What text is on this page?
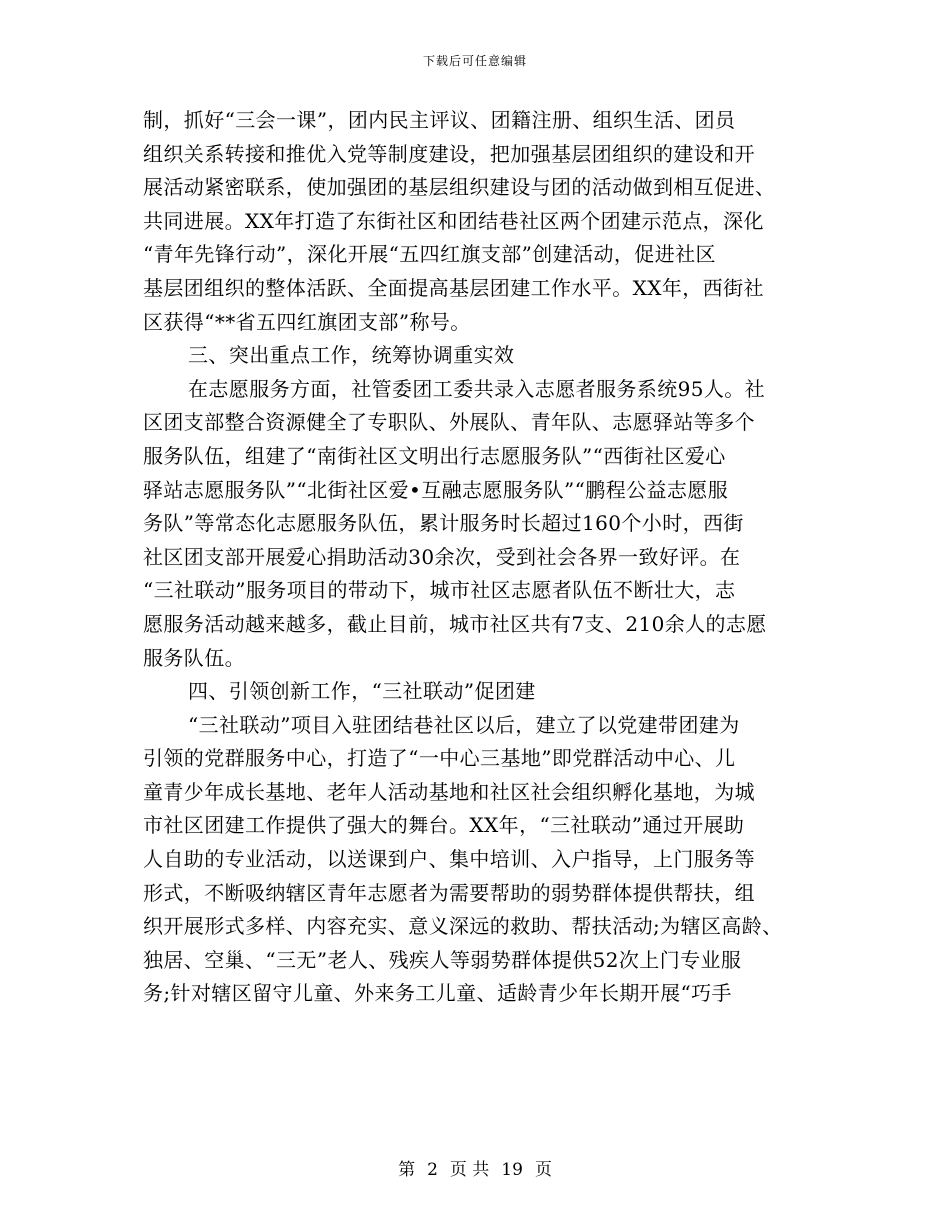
下载后可任意编辑
制，抓好“三会一课”，团内民主评议、团籍注册、组织生活、团员
组织关系转接和推优入党等制度建设，把加强基层团组织的建设和开
展活动紧密联系，使加强团的基层组织建设与团的活动做到相互促进、
共同进展。XX年打造了东街社区和团结巷社区两个团建示范点，深化
“青年先锋行动”，深化开展“五四红旗支部”创建活动，促进社区
基层团组织的整体活跃、全面提高基层团建工作水平。XX年，西街社
区获得“**省五四红旗团支部”称号。
三、突出重点工作，统筹协调重实效
在志愿服务方面，社管委团工委共录入志愿者服务系统95人。社
区团支部整合资源健全了专职队、外展队、青年队、志愿驿站等多个
服务队伍，组建了“南街社区文明出行志愿服务队”“西街社区爱心
驿站志愿服务队”“北街社区爱•互融志愿服务队”“鹏程公益志愿服
务队”等常态化志愿服务队伍，累计服务时长超过160个小时，西街
社区团支部开展爱心捐助活动30余次，受到社会各界一致好评。在
“三社联动”服务项目的带动下，城市社区志愿者队伍不断壮大，志
愿服务活动越来越多，截止目前，城市社区共有7支、210余人的志愿
服务队伍。
四、引领创新工作，“三社联动”促团建
“三社联动”项目入驻团结巷社区以后，建立了以党建带团建为
引领的党群服务中心，打造了“一中心三基地”即党群活动中心、儿
童青少年成长基地、老年人活动基地和社区社会组织孵化基地，为城
市社区团建工作提供了强大的舞台。XX年，“三社联动”通过开展助
人自助的专业活动，以送课到户、集中培训、入户指导，上门服务等
形式，不断吸纳辖区青年志愿者为需要帮助的弱势群体提供帮扶，组
织开展形式多样、内容充实、意义深远的救助、帮扶活动;为辖区高龄、
独居、空巢、“三无”老人、残疾人等弱势群体提供52次上门专业服
务;针对辖区留守儿童、外来务工儿童、适龄青少年长期开展“巧手
第 2 页 共 19 页
